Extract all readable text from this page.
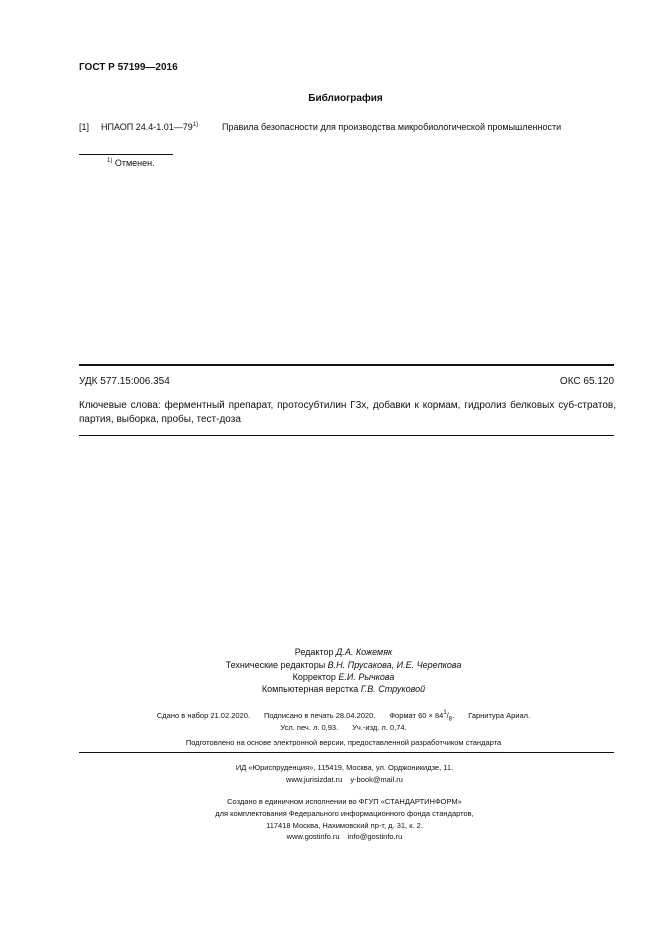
ГОСТ Р 57199—2016
Библиография
[1] НПАОП 24.4-1.01—79$^{1)}$	Правила безопасности для производства микробиологической промышленности
$^{1)}$ Отменен.
УДК 577.15:006.354	ОКС 65.120
Ключевые слова: ферментный препарат, протосубтилин Г3х, добавки к кормам, гидролиз белковых суб-стратов, партия, выборка, пробы, тест-доза
Редактор Д.А. Кожемяк
Технические редакторы В.Н. Прусакова, И.Е. Черепкова
Корректор Е.И. Рычкова
Компьютерная верстка Г.В. Струковой
Сдано в набор 21.02.2020. Подписано в печать 28.04.2020. Формат $60 \times 84^1/_8$. Гарнитура Ариал.
Усл. печ. л. 0,93. Уч.-изд. л. 0,74.
Подготовлено на основе электронной версии, предоставленной разработчиком стандарта
ИД «Юриспруденция», 115419, Москва, ул. Орджоникидзе, 11.
www.jurisizdat.ru y-book@mail.ru
Создано в единичном исполнении во ФГУП «СТАНДАРТИНФОРМ»
для комплектования Федерального информационного фонда стандартов,
117418 Москва, Нахимовский пр-т, д. 31, к. 2.
www.gostinfo.ru info@gostinfo.ru
